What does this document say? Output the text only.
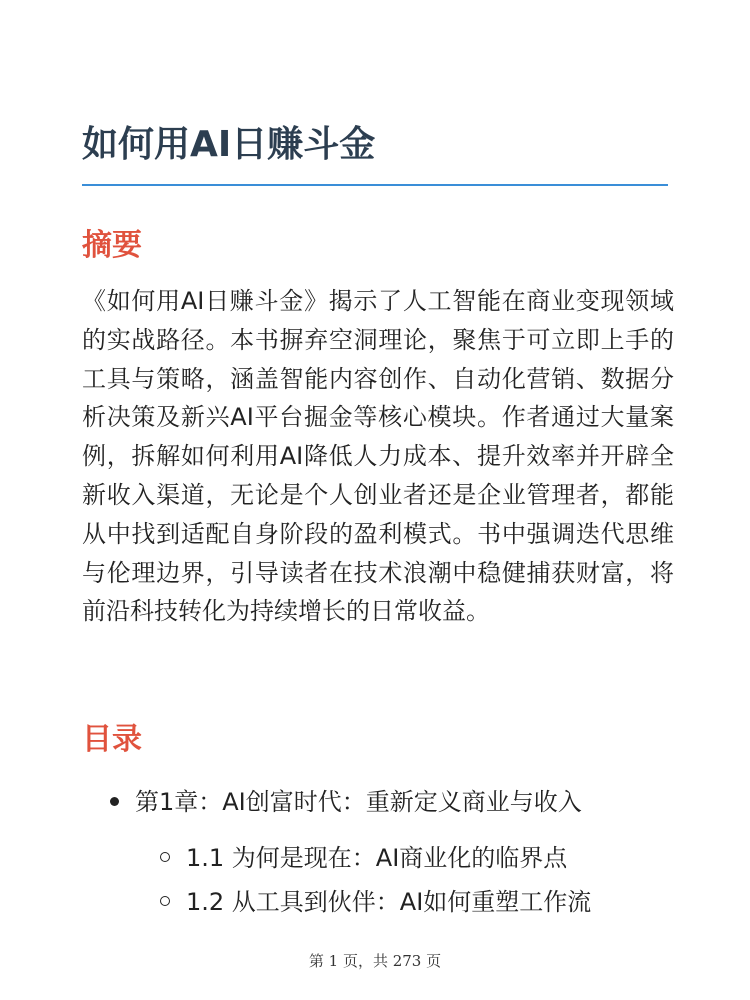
如何用AI日赚斗金
摘要

《如何用AI日赚斗金》揭示了人工智能在商业变现领域的实战路径。本书摒弃空洞理论，聚焦于可立即上手的工具与策略，涵盖智能内容创作、自动化营销、数据分析决策及新兴AI平台掘金等核心模块。作者通过大量案例，拆解如何利用AI降低人力成本、提升效率并开辟全新收入渠道，无论是个人创业者还是企业管理者，都能从中找到适配自身阶段的盈利模式。书中强调迭代思维与伦理边界，引导读者在技术浪潮中稳健捕获财富，将前沿科技转化为持续增长的日常收益。

目录
第1章：AI创富时代：重新定义商业与收入
1.1 为何是现在：AI商业化的临界点
1.2 从工具到伙伴：AI如何重塑工作流
第 1 页，共 273 页
